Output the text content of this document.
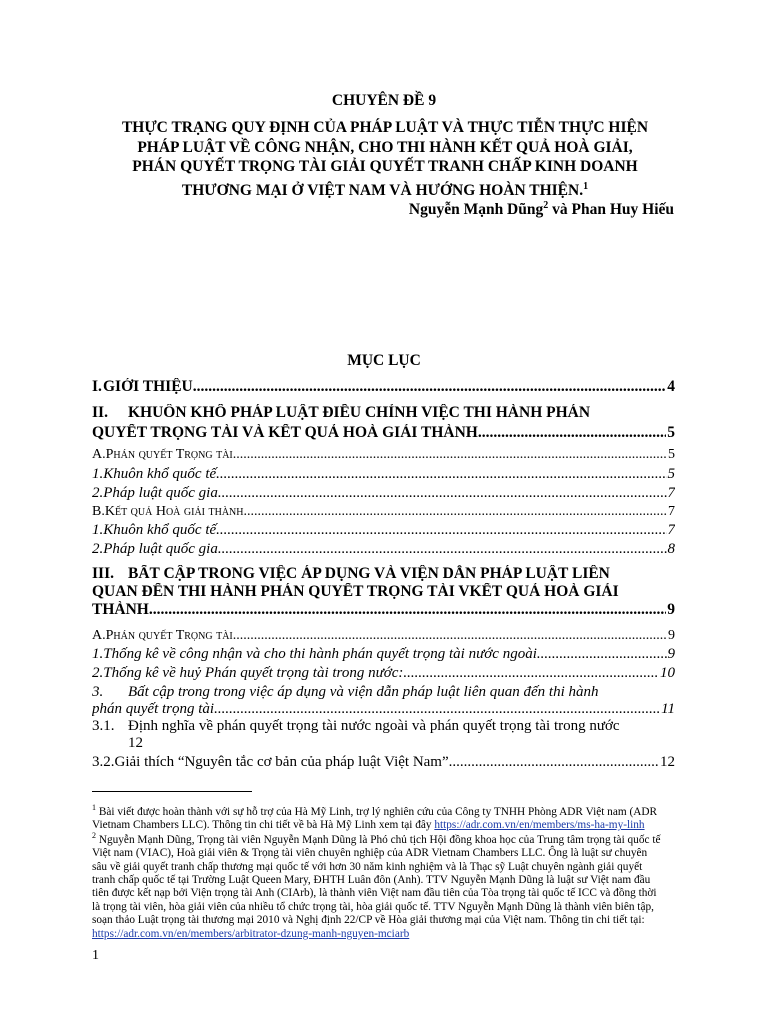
CHUYÊN ĐỀ 9
THỰC TRẠNG QUY ĐỊNH CỦA PHÁP LUẬT VÀ THỰC TIỄN THỰC HIỆN
PHÁP LUẬT VỀ CÔNG NHẬN, CHO THI HÀNH KẾT QUẢ HOÀ GIẢI,
PHÁN QUYẾT TRỌNG TÀI GIẢI QUYẾT TRANH CHẤP KINH DOANH
THƯƠNG MẠI Ở VIỆT NAM VÀ HƯỚNG HOÀN THIỆN.$^1$
Nguyễn Mạnh Dũng$^2$ và Phan Huy Hiếu
MỤC LỤC
I. GIỚI THIỆU .....	4
II.	KHUÔN KHỔ PHÁP LUẬT ĐIỀU CHỈNH VIỆC THI HÀNH PHÁN
QUYẾT TRỌNG TÀI VÀ KẾT QUẢ HOÀ GIẢI THÀNH .....	5
A. Phán quyết Trọng tài .....	5
1. Khuôn khổ quốc tế .....	5
2. Pháp luật quốc gia .....	7
B. Kết quả Hoà giải thành .....	7
1. Khuôn khổ quốc tế .....	7
2. Pháp luật quốc gia .....	8
III. BẤT CẬP TRONG VIỆC ÁP DỤNG VÀ VIỆN DẪN PHÁP LUẬT LIÊN
QUAN ĐẾN THI HÀNH PHÁN QUYẾT TRỌNG TÀI VKẾT QUẢ HOÀ GIẢI
THÀNH .....	9
A. Phán quyết Trọng tài .....	9
1. Thống kê về công nhận và cho thi hành phán quyết trọng tài nước ngoài .....	9
2. Thống kê về huỷ Phán quyết trọng tài trong nước: .....	10
3.	Bất cập trong trong việc áp dụng và viện dẫn pháp luật liên quan đến thi hành
phán quyết trọng tài .....	11
3.1. Định nghĩa về phán quyết trọng tài nước ngoài và phán quyết trọng tài trong nước
12
3.2. Giải thích “Nguyên tắc cơ bản của pháp luật Việt Nam” .....	12
$^1$ Bài viết được hoàn thành với sự hỗ trợ của Hà Mỹ Linh, trợ lý nghiên cứu của Công ty TNHH Phòng ADR Việt nam (ADR
Vietnam Chambers LLC). Thông tin chi tiết về bà Hà Mỹ Linh xem tại đây https://adr.com.vn/en/members/ms-ha-my-linh
$^2$ Nguyễn Mạnh Dũng, Trọng tài viên Nguyễn Mạnh Dũng là Phó chủ tịch Hội đồng khoa học của Trung tâm trọng tài quốc tế
Việt nam (VIAC), Hoà giải viên & Trọng tài viên chuyên nghiệp của ADR Vietnam Chambers LLC. Ông là luật sư chuyên
sâu về giải quyết tranh chấp thương mại quốc tế với hơn 30 năm kinh nghiệm và là Thạc sỹ Luật chuyên ngành giải quyết
tranh chấp quốc tế tại Trường Luật Queen Mary, ĐHTH Luân đôn (Anh). TTV Nguyễn Mạnh Dũng là luật sư Việt nam đầu
tiên được kết nạp bởi Viện trọng tài Anh (CIArb), là thành viên Việt nam đầu tiên của Tòa trọng tài quốc tế ICC và đồng thời
là trọng tài viên, hòa giải viên của nhiều tổ chức trọng tài, hòa giải quốc tế. TTV Nguyễn Mạnh Dũng là thành viên biên tập,
soạn thảo Luật trọng tài thương mại 2010 và Nghị định 22/CP về Hòa giải thương mại của Việt nam. Thông tin chi tiết tại:
https://adr.com.vn/en/members/arbitrator-dzung-manh-nguyen-mciarb
1
